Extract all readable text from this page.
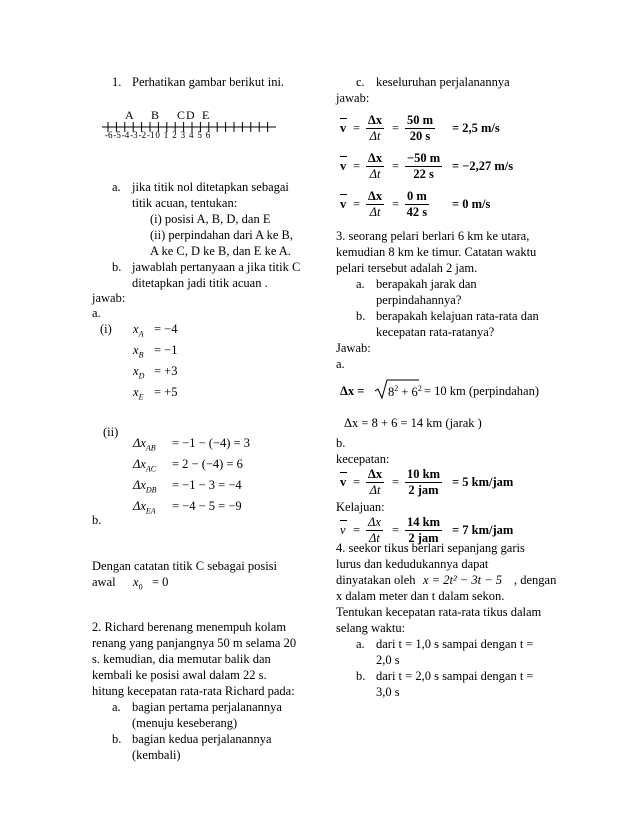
1. Perhatikan gambar berikut ini.
A B C D E
-6 -5 -4 -3 -2 -1 0 1 2 3 4 5 6
a. jika titik nol ditetapkan sebagai
titik acuan, tentukan:
(i) posisi A, B, D, dan E
(ii) perpindahan dari A ke B,
A ke C, D ke B, dan E ke A.
b. jawablah pertanyaan a jika titik C
ditetapkan jadi titik acuan .
jawab:
a.
(i) $x_A = -4$
$x_B = -1$
$x_D = +3$
$x_E = +5$
(ii)
$\Delta x_{AB} = -1 - (-4) = 3$
$\Delta x_{AC} = 2 - (-4) = 6$
$\Delta x_{DB} = -1 - 3 = -4$
$\Delta x_{EA} = -4 - 5 = -9$
b.
Dengan catatan titik C sebagai posisi
awal $x_0 = 0$
2. Richard berenang menempuh kolam
renang yang panjangnya 50 m selama 20
s. kemudian, dia memutar balik dan
kembali ke posisi awal dalam 22 s.
hitung kecepatan rata-rata Richard pada:
a. bagian pertama perjalanannya
(menuju keseberang)
b. bagian kedua perjalanannya
(kembali)
c. keseluruhan perjalanannya
jawab:
$v = \frac{\Delta x}{\Delta t} = \frac{50 m}{20 s} = 2,5$ m/s
$v = \frac{\Delta x}{\Delta t} = \frac{-50 m}{22 s} = -2,27$ m/s
$v = \frac{\Delta x}{\Delta t} = \frac{0 m}{42 s} = 0$ m/s
3. seorang pelari berlari 6 km ke utara,
kemudian 8 km ke timur. Catatan waktu
pelari tersebut adalah 2 jam.
a. berapakah jarak dan
perpindahannya?
b. berapakah kelajuan rata-rata dan
kecepatan rata-ratanya?
Jawab:
a.
$\Delta x = 8^2 + 6^2 = 10$ km (perpindahan)
Δx = 8 + 6 = 14 km (jarak )
b.
kecepatan:
$v = \frac{\Delta x}{\Delta t}$ =
10 km
2 jam
= 5 km/jam
Kelajuan:
$v = \frac{\Delta x}{\Delta t}$ =
14 km
2 jam
= 7 km/jam
4. seekor tikus berlari sepanjang garis
lurus dan kedudukannya dapat
dinyatakan oleh x = 2t² − 3t − 5 , dengan
x dalam meter dan t dalam sekon.
Tentukan kecepatan rata-rata tikus dalam
selang waktu:
a. dari t = 1,0 s sampai dengan t =
2,0 s
b. dari t = 2,0 s sampai dengan t =
3,0 s
